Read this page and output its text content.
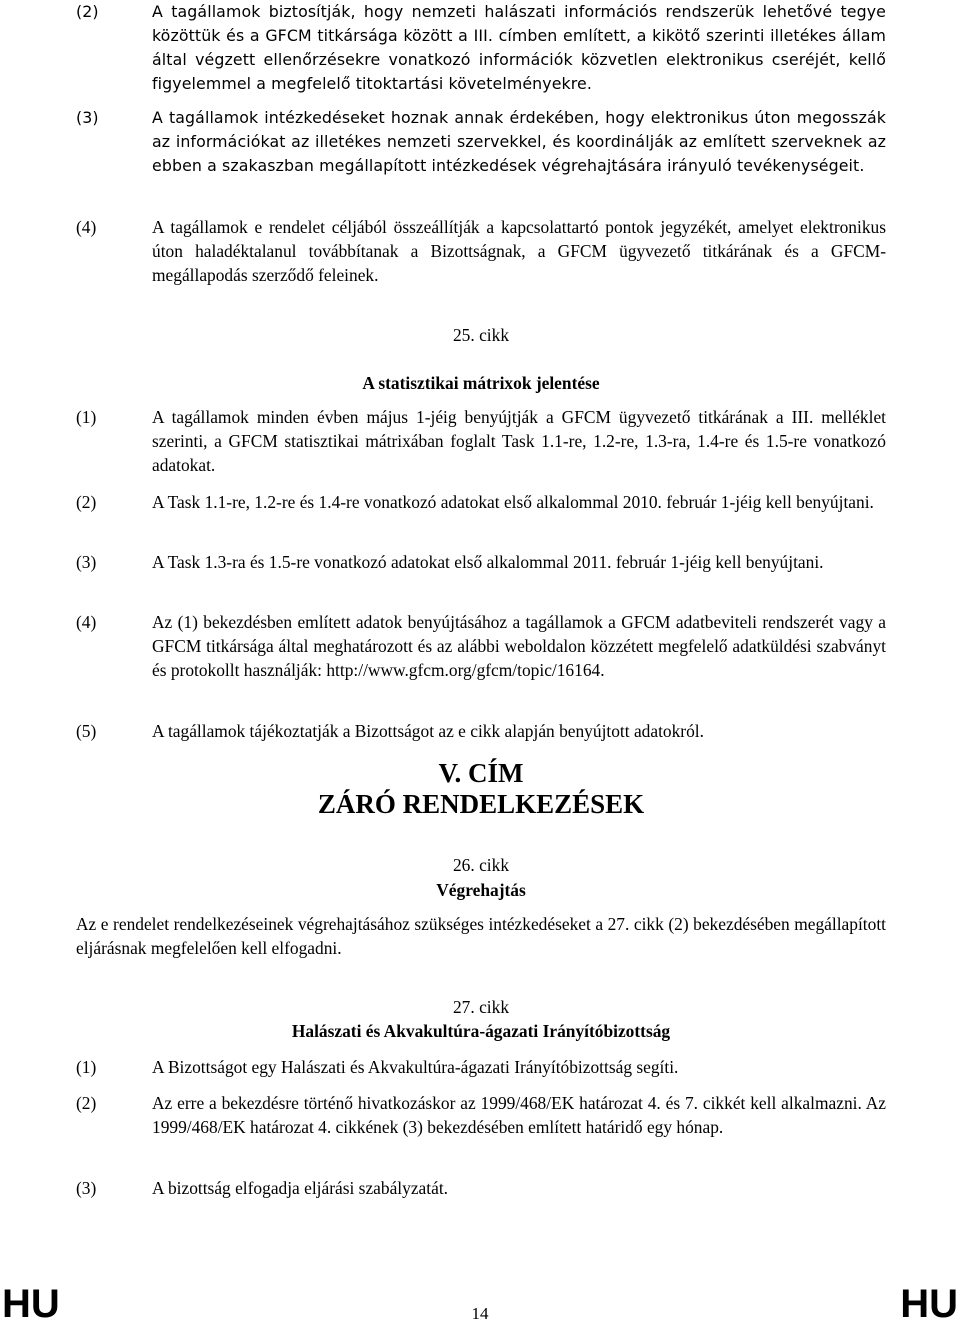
(2)	A tagállamok biztosítják, hogy nemzeti halászati információs rendszerük lehetővé tegye közöttük és a GFCM titkársága között a III. címben említett, a kikötő szerinti illetékes állam által végzett ellenőrzésekre vonatkozó információk közvetlen elektronikus cseréjét, kellő figyelemmel a megfelelő titoktartási követelményekre.
(3)	A tagállamok intézkedéseket hoznak annak érdekében, hogy elektronikus úton megosszák az információkat az illetékes nemzeti szervekkel, és koordinálják az említett szerveknek az ebben a szakaszban megállapított intézkedések végrehajtására irányuló tevékenységeit.
(4)	A tagállamok e rendelet céljából összeállítják a kapcsolattartó pontok jegyzékét, amelyet elektronikus úton haladéktalanul továbbítanak a Bizottságnak, a GFCM ügyvezető titkárának és a GFCM-megállapodás szerződő feleinek.
25. cikk
A statisztikai mátrixok jelentése
(1)	A tagállamok minden évben május 1-jéig benyújtják a GFCM ügyvezető titkárának a III. melléklet szerinti, a GFCM statisztikai mátrixában foglalt Task 1.1-re, 1.2-re, 1.3-ra, 1.4-re és 1.5-re vonatkozó adatokat.
(2)	A Task 1.1-re, 1.2-re és 1.4-re vonatkozó adatokat első alkalommal 2010. február 1-jéig kell benyújtani.
(3)	A Task 1.3-ra és 1.5-re vonatkozó adatokat első alkalommal 2011. február 1-jéig kell benyújtani.
(4)	Az (1) bekezdésben említett adatok benyújtásához a tagállamok a GFCM adatbeviteli rendszerét vagy a GFCM titkársága által meghatározott és az alábbi weboldalon közzétett megfelelő adatküldési szabványt és protokollt használják: http://www.gfcm.org/gfcm/topic/16164.
(5)	A tagállamok tájékoztatják a Bizottságot az e cikk alapján benyújtott adatokról.
V. CÍM
ZÁRÓ RENDELKEZÉSEK
26. cikk
Végrehajtás
Az e rendelet rendelkezéseinek végrehajtásához szükséges intézkedéseket a 27. cikk (2) bekezdésében megállapított eljárásnak megfelelően kell elfogadni.
27. cikk
Halászati és Akvakultúra-ágazati Irányítóbizottság
(1)	A Bizottságot egy Halászati és Akvakultúra-ágazati Irányítóbizottság segíti.
(2)	Az erre a bekezdésre történő hivatkozáskor az 1999/468/EK határozat 4. és 7. cikkét kell alkalmazni. Az 1999/468/EK határozat 4. cikkének (3) bekezdésében említett határidő egy hónap.
(3)	A bizottság elfogadja eljárási szabályzatát.
HU	14	HU
